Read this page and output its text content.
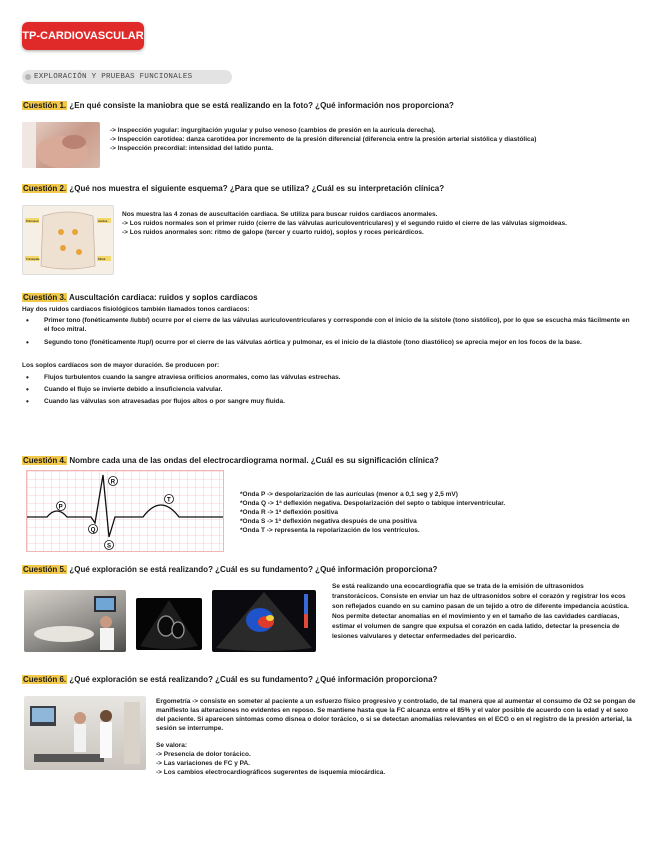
TP-CARDIOVASCULAR
EXPLORACIÓN Y PRUEBAS FUNCIONALES
Cuestión 1. ¿En qué consiste la maniobra que se está realizando en la foto? ¿Qué información nos proporciona?
-> Inspección yugular: ingurgitación yugular y pulso venoso (cambios de presión en la aurícula derecha).
-> Inspección carotídea: danza carotídea por incremento de la presión diferencial (diferencia entre la presión arterial sistólica y diastólica)
-> Inspección precordial: intensidad del latido punta.
Cuestión 2. ¿Qué nos muestra el siguiente esquema? ¿Para que se utiliza? ¿Cuál es su interpretación clínica?
Pulmonar	Aórtica
Tricúspide	Mitral
Nos muestra las 4 zonas de auscultación cardiaca. Se utiliza para buscar ruidos cardiacos anormales.
-> Los ruidos normales son el primer ruido (cierre de las válvulas auriculoventriculares) y el segundo ruido el cierre de las válvulas sigmoideas.
-> Los ruidos anormales son: ritmo de galope (tercer y cuarto ruido), soplos y roces pericárdicos.
Cuestión 3. Auscultación cardiaca: ruidos y soplos cardiacos
Hay dos ruidos cardiacos fisiológicos también llamados tonos cardiacos:
• Primer tono (fonéticamente /lubb/) ocurre por el cierre de las válvulas auriculoventriculares y corresponde con el inicio de la sístole (tono sistólico), por lo que se escucha más fácilmente en el foco mitral.
• Segundo tono (fonéticamente /tup/) ocurre por el cierre de las válvulas aórtica y pulmonar, es el inicio de la diástole (tono diastólico) se aprecia mejor en los focos de la base.
Los soplos cardíacos son de mayor duración. Se producen por:
• Flujos turbulentos cuando la sangre atraviesa orificios anormales, como las válvulas estrechas.
• Cuando el flujo se invierte debido a insuficiencia valvular.
• Cuando las válvulas son atravesadas por flujos altos o por sangre muy fluida.
Cuestión 4. Nombre cada una de las ondas del electrocardiograma normal. ¿Cuál es su significación clínica?
P
Q
R
S
T
*Onda P -> despolarización de las aurículas (menor a 0,1 seg y 2,5 mV)
*Onda Q -> 1ª deflexión negativa. Despolarización del septo o tabique interventricular.
*Onda R -> 1ª deflexión positiva
*Onda S -> 1ª deflexión negativa después de una positiva
*Onda T -> representa la repolarización de los ventrículos.
Cuestión 5. ¿Qué exploración se está realizando? ¿Cuál es su fundamento? ¿Qué información proporciona?
Se está realizando una ecocardiografía que se trata de la emisión de ultrasonidos transtorácicos. Consiste en enviar un haz de ultrasonidos sobre el corazón y registrar los ecos son reflejados cuando en su camino pasan de un tejido a otro de diferente impedancia acústica. Nos permite detectar anomalías en el movimiento y en el tamaño de las cavidades cardíacas, estimar el volumen de sangre que expulsa el corazón en cada latido, detectar la presencia de lesiones valvulares y detectar enfermedades del pericardio.
Cuestión 6. ¿Qué exploración se está realizando? ¿Cuál es su fundamento? ¿Qué información proporciona?
Ergometría -> consiste en someter al paciente a un esfuerzo físico progresivo y controlado, de tal manera que al aumentar el consumo de O2 se pongan de manifiesto las alteraciones no evidentes en reposo. Se mantiene hasta que la FC alcanza entre el 85% y el valor posible de acuerdo con la edad y el sexo del paciente. Si aparecen síntomas como disnea o dolor torácico, o si se detectan anomalías relevantes en el ECG o en el registro de la presión arterial, la sesión se interrumpe.
Se valora:
-> Presencia de dolor torácico.
-> Las variaciones de FC y PA.
-> Los cambios electrocardiográficos sugerentes de isquemia miocárdica.
